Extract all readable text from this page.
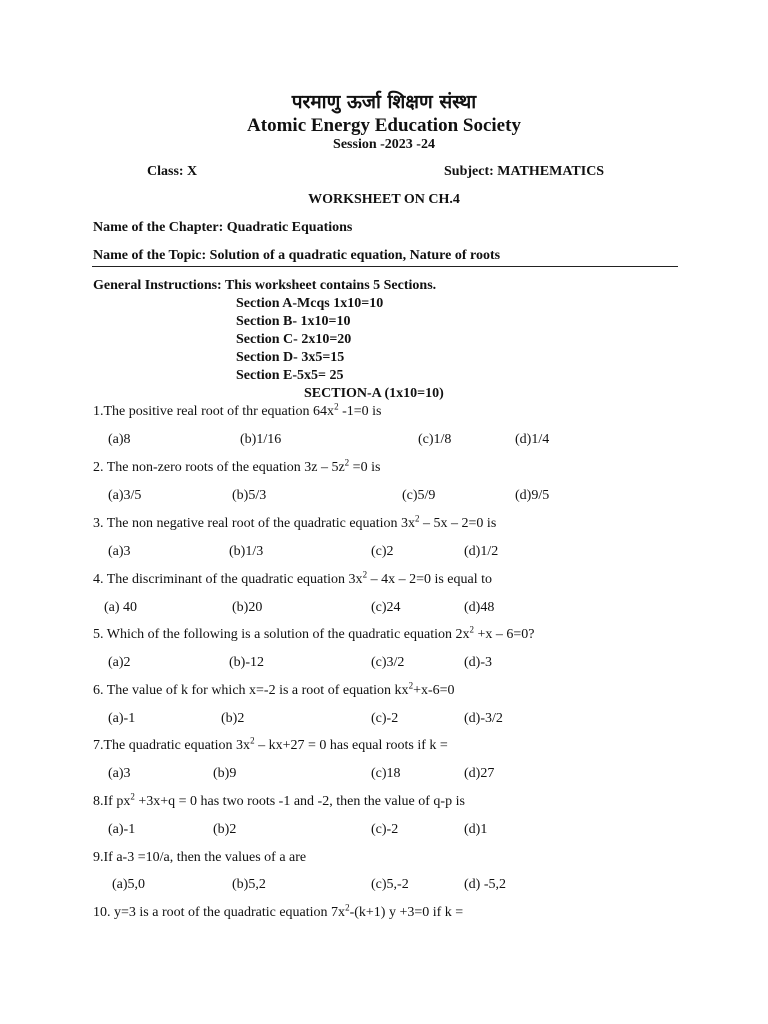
परमाणु ऊर्जा शिक्षण संस्था
Atomic Energy Education Society
Session -2023 -24
Class: X	Subject: MATHEMATICS
WORKSHEET ON CH.4
Name of the Chapter: Quadratic Equations
Name of the Topic: Solution of a quadratic equation, Nature of roots
General Instructions: This worksheet contains 5 Sections.
Section A-Mcqs 1x10=10
Section B- 1x10=10
Section C- 2x10=20
Section D- 3x5=15
Section E-5x5= 25
SECTION-A (1x10=10)
1.The positive real root of thr equation $64x^2$ -1=0 is
(a)8	(b)1/16	(c)1/8	(d)1/4
2. The non-zero roots of the equation $3z - 5z^2 =0$ is
(a)3/5	(b)5/3	(c)5/9	(d)9/5
3. The non negative real root of the quadratic equation $3x^2 - 5x - 2=0$ is
(a)3	(b)1/3	(c)2	(d)1/2
4. The discriminant of the quadratic equation $3x^2 - 4x - 2=0$ is equal to
(a) 40	(b)20	(c)24	(d)48
5. Which of the following is a solution of the quadratic equation $2x^2 +x - 6=0$?
(a)2	(b)-12	(c)3/2	(d)-3
6. The value of k for which x=-2 is a root of equation $kx^2+x-6=0$
(a)-1	(b)2	(c)-2	(d)-3/2
7.The quadratic equation $3x^2 - kx+27 = 0$ has equal roots if k =
(a)3	(b)9	(c)18	(d)27
8.If $px^2 +3x+q = 0$ has two roots -1 and -2, then the value of q-p is
(a)-1	(b)2	(c)-2	(d)1
9.If a-3 =10/a, then the values of a are
(a)5,0	(b)5,2	(c)5,-2	(d) -5,2
10. y=3 is a root of the quadratic equation $7x^2-(k+1)$ y +3=0 if k =
